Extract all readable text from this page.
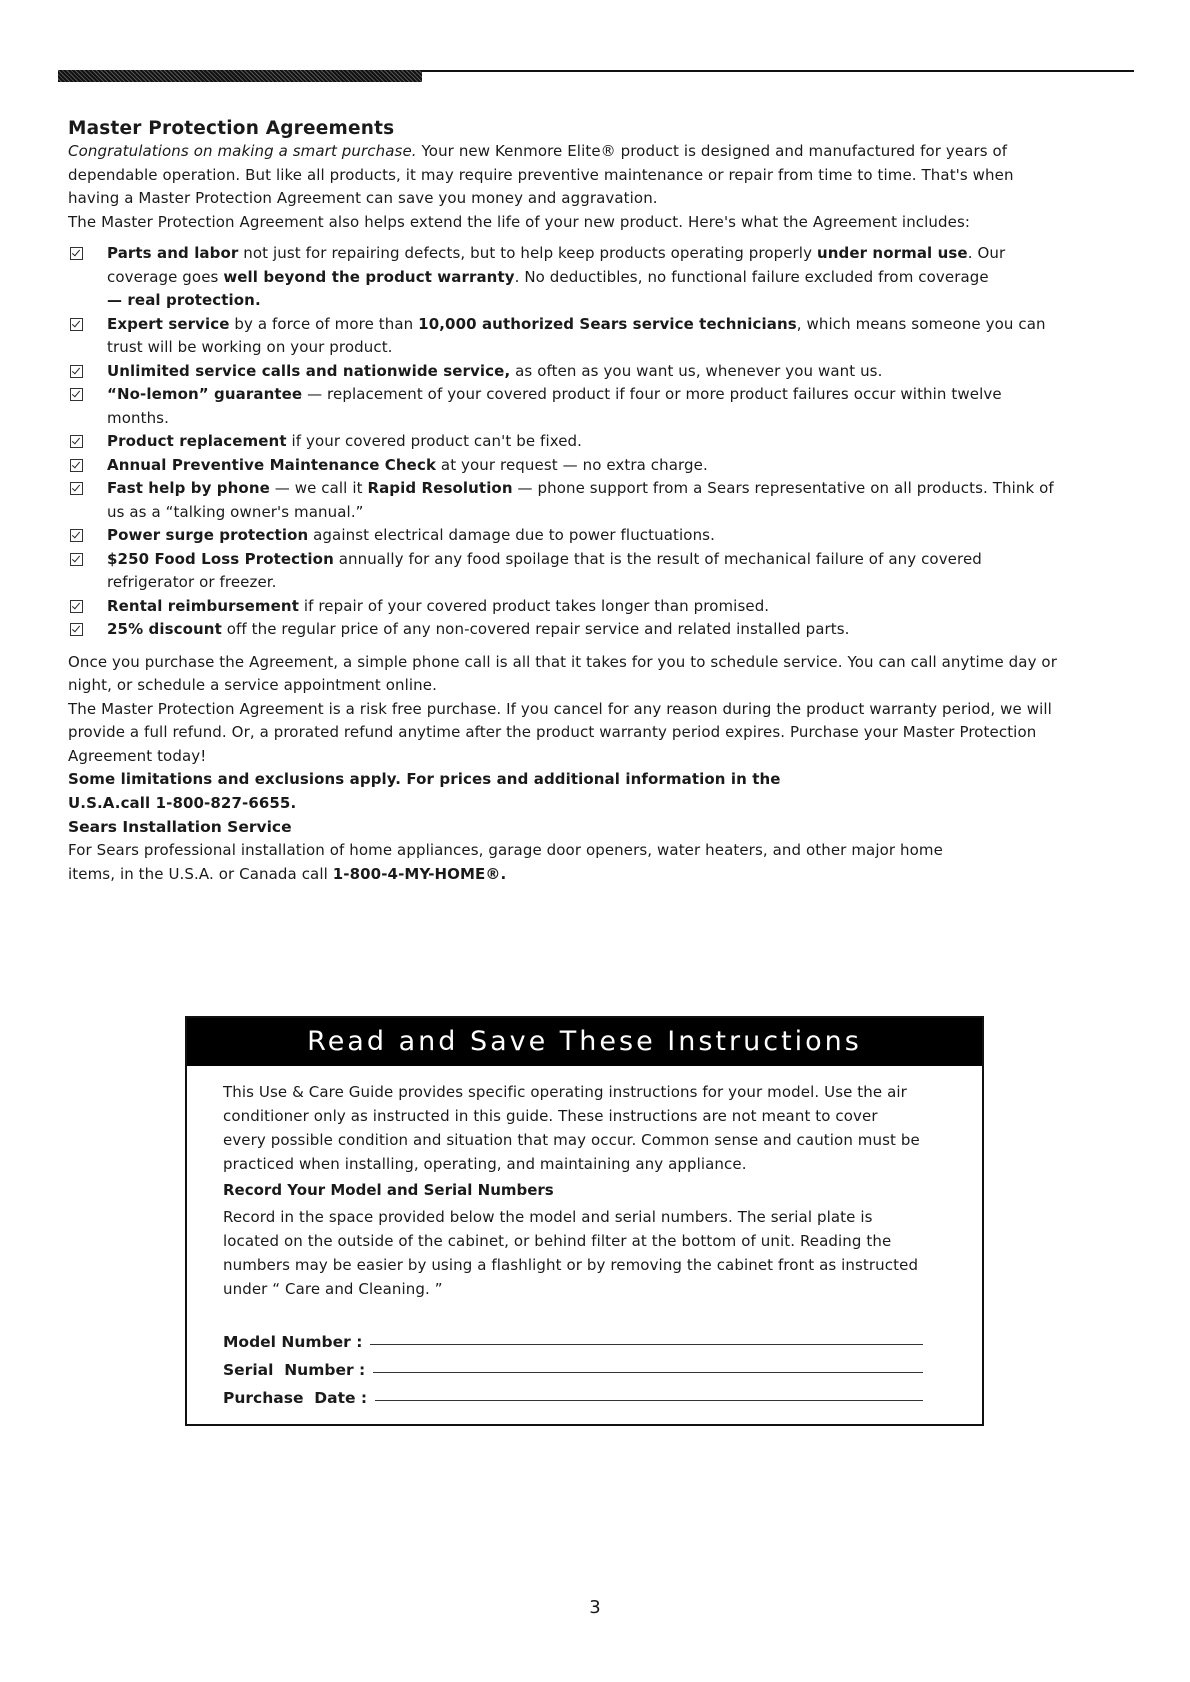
Master Protection Agreements

Congratulations on making a smart purchase. Your new Kenmore Elite® product is designed and manufactured for years of dependable operation. But like all products, it may require preventive maintenance or repair from time to time. That's when having a Master Protection Agreement can save you money and aggravation.

The Master Protection Agreement also helps extend the life of your new product. Here's what the Agreement includes:

Parts and labor not just for repairing defects, but to help keep products operating properly under normal use. Our coverage goes well beyond the product warranty. No deductibles, no functional failure excluded from coverage
— real protection.
Expert service by a force of more than 10,000 authorized Sears service technicians, which means someone you can trust will be working on your product.
Unlimited service calls and nationwide service, as often as you want us, whenever you want us.
“No-lemon” guarantee — replacement of your covered product if four or more product failures occur within twelve months.
Product replacement if your covered product can't be fixed.
Annual Preventive Maintenance Check at your request — no extra charge.
Fast help by phone — we call it Rapid Resolution — phone support from a Sears representative on all products. Think of us as a “talking owner's manual.”
Power surge protection against electrical damage due to power fluctuations.
$250 Food Loss Protection annually for any food spoilage that is the result of mechanical failure of any covered refrigerator or freezer.
Rental reimbursement if repair of your covered product takes longer than promised.
25% discount off the regular price of any non-covered repair service and related installed parts.

Once you purchase the Agreement, a simple phone call is all that it takes for you to schedule service. You can call anytime day or night, or schedule a service appointment online.

The Master Protection Agreement is a risk free purchase. If you cancel for any reason during the product warranty period, we will provide a full refund. Or, a prorated refund anytime after the product warranty period expires. Purchase your Master Protection Agreement today!

Some limitations and exclusions apply. For prices and additional information in the U.S.A.call 1-800-827-6655.

Sears Installation Service

For Sears professional installation of home appliances, garage door openers, water heaters, and other major home items, in the U.S.A. or Canada call 1-800-4-MY-HOME®.

Read and Save These Instructions

This Use & Care Guide provides specific operating instructions for your model. Use the air conditioner only as instructed in this guide. These instructions are not meant to cover every possible condition and situation that may occur. Common sense and caution must be practiced when installing, operating, and maintaining any appliance.

Record Your Model and Serial Numbers

Record in the space provided below the model and serial numbers. The serial plate is located on the outside of the cabinet, or behind filter at the bottom of unit. Reading the numbers may be easier by using a flashlight or by removing the cabinet front as instructed under “ Care and Cleaning. ”

Model Number :
Serial  Number :
Purchase  Date :
3
